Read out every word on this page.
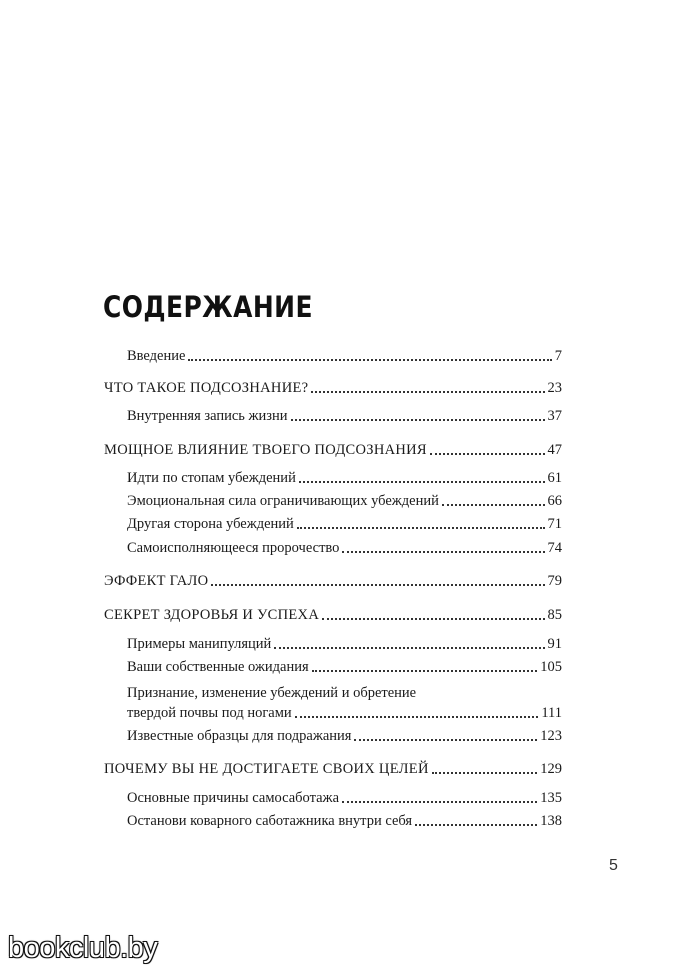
СОДЕРЖАНИЕ
Введение	7
ЧТО ТАКОЕ ПОДСОЗНАНИЕ?	23
Внутренняя запись жизни	37
МОЩНОЕ ВЛИЯНИЕ ТВОЕГО ПОДСОЗНАНИЯ	47
Идти по стопам убеждений	61
Эмоциональная сила ограничивающих убеждений	66
Другая сторона убеждений	71
Самоисполняющееся пророчество	74
ЭФФЕКТ ГАЛО	79
СЕКРЕТ ЗДОРОВЬЯ И УСПЕХА	85
Примеры манипуляций	91
Ваши собственные ожидания	105
Признание, изменение убеждений и обретение
твердой почвы под ногами	111
Известные образцы для подражания	123
ПОЧЕМУ ВЫ НЕ ДОСТИГАЕТЕ СВОИХ ЦЕЛЕЙ	129
Основные причины самосаботажа	135
Останови коварного саботажника внутри себя	138
5
bookclub.by
